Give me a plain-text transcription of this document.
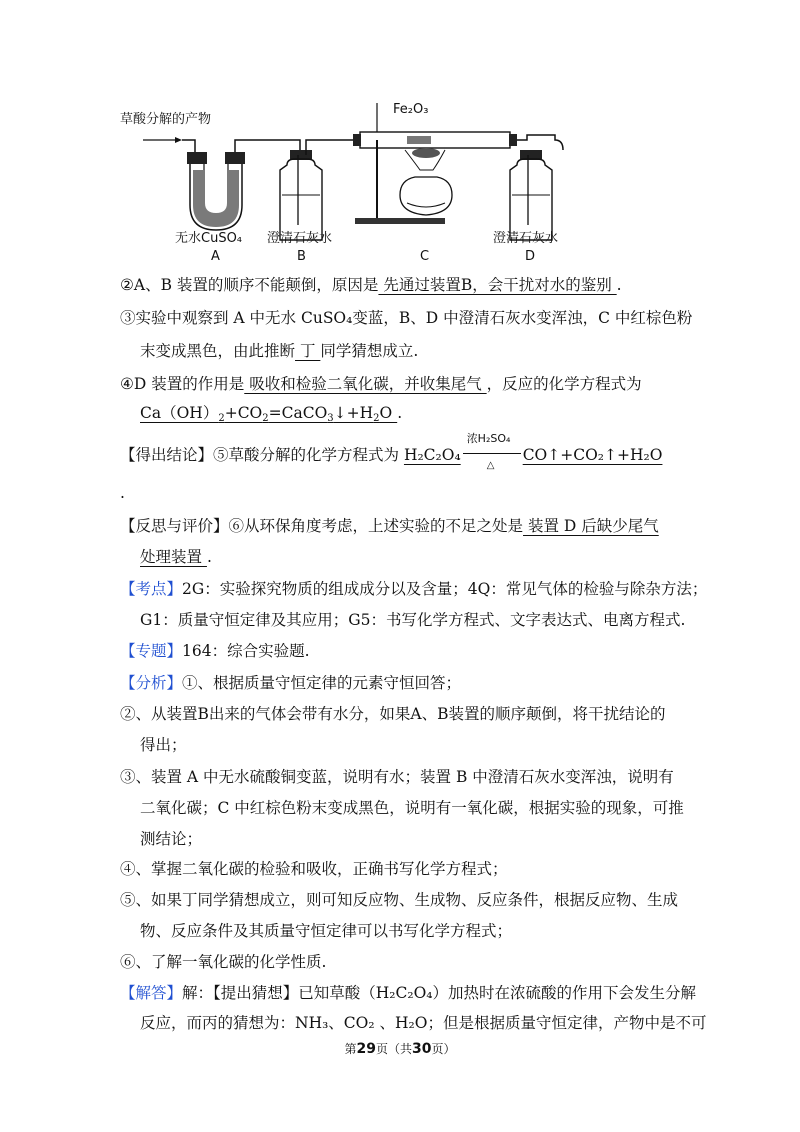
草酸分解的产物
Fe₂O₃
无水CuSO₄
A
澄清石灰水
B	C
澄清石灰水
D
②A、B 装置的顺序不能颠倒，原因是 先通过装置B，会干扰对水的鉴别 .
③实验中观察到 A 中无水 CuSO₄变蓝，B、D 中澄清石灰水变浑浊，C 中红棕色粉
末变成黑色，由此推断 丁 同学猜想成立.
④D 装置的作用是 吸收和检验二氧化碳，并收集尾气 ，反应的化学方程式为
$Ca(OH)_2+CO_2=CaCO_3↓+H_2O$ .
【得出结论】⑤草酸分解的化学方程式为 H₂C₂O₄
浓H₂SO₄
△
CO↑+CO₂↑+H₂O
.
【反思与评价】⑥从环保角度考虑，上述实验的不足之处是 装置 D 后缺少尾气
处理装置 .
【考点】2G：实验探究物质的组成成分以及含量；4Q：常见气体的检验与除杂方法；
G1：质量守恒定律及其应用；G5：书写化学方程式、文字表达式、电离方程式.
【专题】164：综合实验题.
【分析】①、根据质量守恒定律的元素守恒回答；
②、从装置B出来的气体会带有水分，如果A、B装置的顺序颠倒，将干扰结论的
得出；
③、装置 A 中无水硫酸铜变蓝，说明有水；装置 B 中澄清石灰水变浑浊，说明有
二氧化碳；C 中红棕色粉末变成黑色，说明有一氧化碳，根据实验的现象，可推
测结论；
④、掌握二氧化碳的检验和吸收，正确书写化学方程式；
⑤、如果丁同学猜想成立，则可知反应物、生成物、反应条件，根据反应物、生成
物、反应条件及其质量守恒定律可以书写化学方程式；
⑥、了解一氧化碳的化学性质.
【解答】解：【提出猜想】已知草酸（H₂C₂O₄）加热时在浓硫酸的作用下会发生分解
反应，而丙的猜想为：NH₃、CO₂ 、H₂O；但是根据质量守恒定律，产物中是不可
第29页（共30页）
